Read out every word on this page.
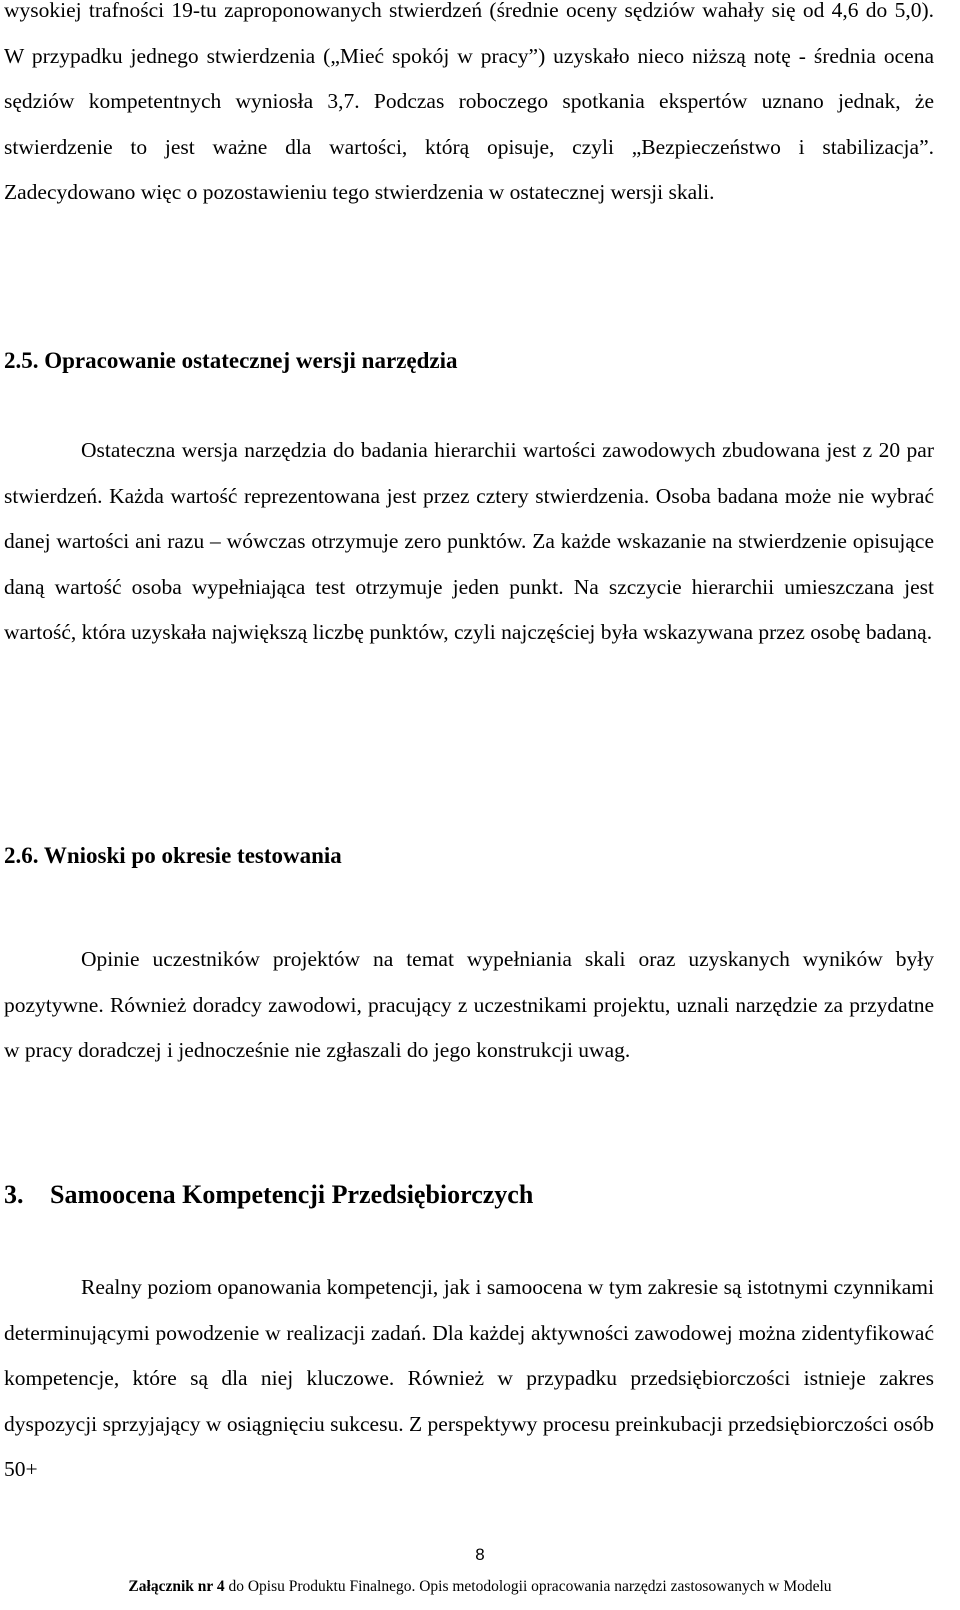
wysokiej trafności 19-tu zaproponowanych stwierdzeń (średnie oceny sędziów wahały się od 4,6 do 5,0). W przypadku jednego stwierdzenia („Mieć spokój w pracy”) uzyskało nieco niższą notę - średnia ocena sędziów kompetentnych wyniosła 3,7. Podczas roboczego spotkania ekspertów uznano jednak, że stwierdzenie to jest ważne dla wartości, którą opisuje, czyli „Bezpieczeństwo i stabilizacja”. Zadecydowano więc o pozostawieniu tego stwierdzenia w ostatecznej wersji skali.

2.5. Opracowanie ostatecznej wersji narzędzia

Ostateczna wersja narzędzia do badania hierarchii wartości zawodowych zbudowana jest z 20 par stwierdzeń. Każda wartość reprezentowana jest przez cztery stwierdzenia. Osoba badana może nie wybrać danej wartości ani razu – wówczas otrzymuje zero punktów. Za każde wskazanie na stwierdzenie opisujące daną wartość osoba wypełniająca test otrzymuje jeden punkt. Na szczycie hierarchii umieszczana jest wartość, która uzyskała największą liczbę punktów, czyli najczęściej była wskazywana przez osobę badaną.

2.6. Wnioski po okresie testowania

Opinie uczestników projektów na temat wypełniania skali oraz uzyskanych wyników były pozytywne. Również doradcy zawodowi, pracujący z uczestnikami projektu, uznali narzędzie za przydatne w pracy doradczej i jednocześnie nie zgłaszali do jego konstrukcji uwag.

3. Samoocena Kompetencji Przedsiębiorczych

Realny poziom opanowania kompetencji, jak i samoocena w tym zakresie są istotnymi czynnikami determinującymi powodzenie w realizacji zadań. Dla każdej aktywności zawodowej można zidentyfikować kompetencje, które są dla niej kluczowe. Również w przypadku przedsiębiorczości istnieje zakres dyspozycji sprzyjający w osiągnięciu sukcesu. Z perspektywy procesu preinkubacji przedsiębiorczości osób 50+

8
Załącznik nr 4 do Opisu Produktu Finalnego. Opis metodologii opracowania narzędzi zastosowanych w Modelu
